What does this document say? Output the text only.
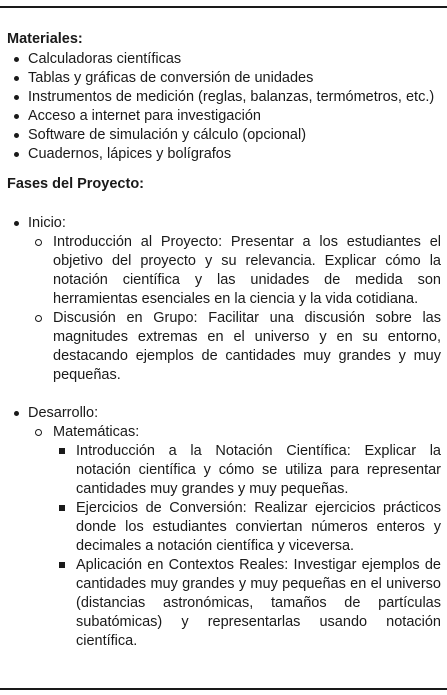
Materiales:

Calculadoras científicas
Tablas y gráficas de conversión de unidades
Instrumentos de medición (reglas, balanzas, termómetros, etc.)
Acceso a internet para investigación
Software de simulación y cálculo (opcional)
Cuadernos, lápices y bolígrafos

Fases del Proyecto:

Inicio:
Introducción al Proyecto: Presentar a los estudiantes el objetivo del proyecto y su relevancia. Explicar cómo la notación científica y las unidades de medida son herramientas esenciales en la ciencia y la vida cotidiana.
Discusión en Grupo: Facilitar una discusión sobre las magnitudes extremas en el universo y en su entorno, destacando ejemplos de cantidades muy grandes y muy pequeñas.
Desarrollo:
Matemáticas:
Introducción a la Notación Científica: Explicar la notación científica y cómo se utiliza para representar cantidades muy grandes y muy pequeñas.
Ejercicios de Conversión: Realizar ejercicios prácticos donde los estudiantes conviertan números enteros y decimales a notación científica y viceversa.
Aplicación en Contextos Reales: Investigar ejemplos de cantidades muy grandes y muy pequeñas en el universo (distancias astronómicas, tamaños de partículas subatómicas) y representarlas usando notación científica.
